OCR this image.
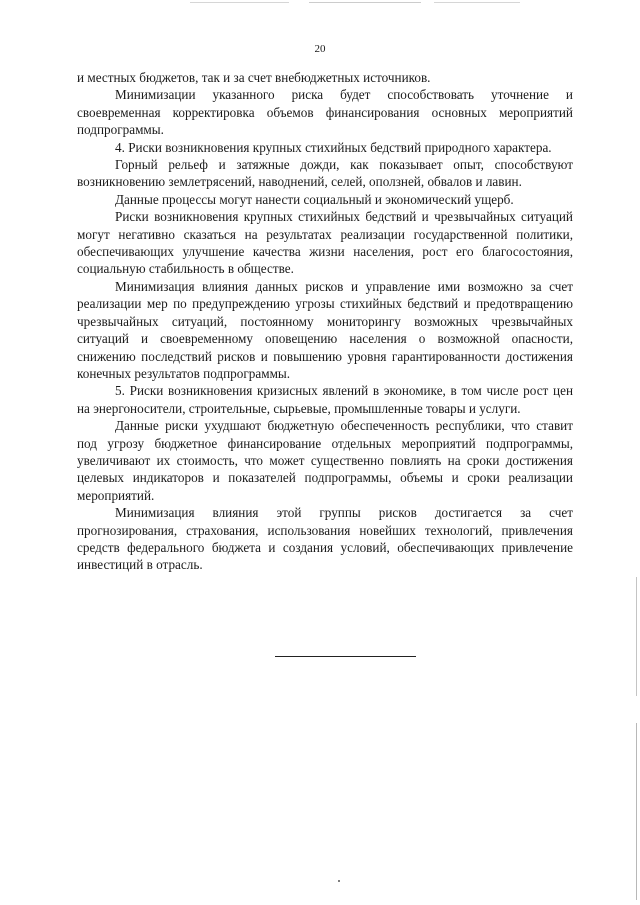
20

и местных бюджетов, так и за счет внебюджетных источников.

Минимизации указанного риска будет способствовать уточнение и своевременная корректировка объемов финансирования основных мероприятий подпрограммы.

4. Риски возникновения крупных стихийных бедствий природного характера.

Горный рельеф и затяжные дожди, как показывает опыт, способствуют возникновению землетрясений, наводнений, селей, оползней, обвалов и лавин.

Данные процессы могут нанести социальный и экономический ущерб.

Риски возникновения крупных стихийных бедствий и чрезвычайных ситуаций могут негативно сказаться на результатах реализации государственной политики, обеспечивающих улучшение качества жизни населения, рост его благосостояния, социальную стабильность в обществе.

Минимизация влияния данных рисков и управление ими возможно за счет реализации мер по предупреждению угрозы стихийных бедствий и предотвращению чрезвычайных ситуаций, постоянному мониторингу возможных чрезвычайных ситуаций и своевременному оповещению населения о возможной опасности, снижению последствий рисков и повышению уровня гарантированности достижения конечных результатов подпрограммы.

5. Риски возникновения кризисных явлений в экономике, в том числе рост цен на энергоносители, строительные, сырьевые, промышленные товары и услуги.

Данные риски ухудшают бюджетную обеспеченность республики, что ставит под угрозу бюджетное финансирование отдельных мероприятий подпрограммы, увеличивают их стоимость, что может существенно повлиять на сроки достижения целевых индикаторов и показателей подпрограммы, объемы и сроки реализации мероприятий.

Минимизация влияния этой группы рисков достигается за счет прогнозирования, страхования, использования новейших технологий, привлечения средств федерального бюджета и создания условий, обеспечивающих привлечение инвестиций в отрасль.
